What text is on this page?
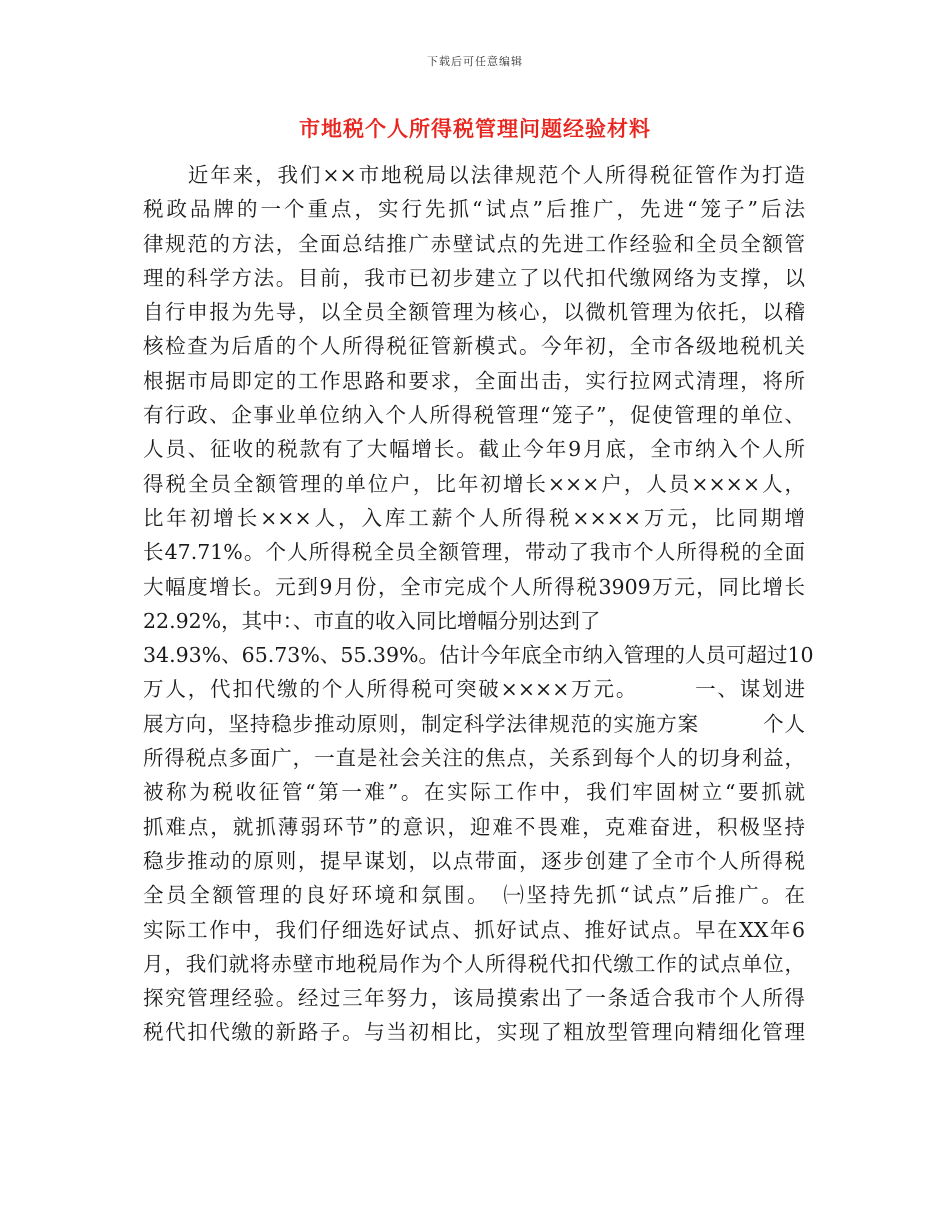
下载后可任意编辑
市地税个人所得税管理问题经验材料
　　近年来，我们××市地税局以法律规范个人所得税征管作为打造
税政品牌的一个重点，实行先抓“试点”后推广，先进“笼子”后法
律规范的方法，全面总结推广赤壁试点的先进工作经验和全员全额管
理的科学方法。目前，我市已初步建立了以代扣代缴网络为支撑，以
自行申报为先导，以全员全额管理为核心，以微机管理为依托，以稽
核检查为后盾的个人所得税征管新模式。今年初，全市各级地税机关
根据市局即定的工作思路和要求，全面出击，实行拉网式清理，将所
有行政、企事业单位纳入个人所得税管理“笼子”，促使管理的单位、
人员、征收的税款有了大幅增长。截止今年9月底，全市纳入个人所
得税全员全额管理的单位户，比年初增长×××户，人员××××人，
比年初增长×××人，入库工薪个人所得税××××万元，比同期增
长47.71%。个人所得税全员全额管理，带动了我市个人所得税的全面
大幅度增长。元到9月份，全市完成个人所得税3909万元，同比增长
22.92%，其中：、市直的收入同比增幅分别达到了
34.93%、65.73%、55.39%。估计今年底全市纳入管理的人员可超过10
万人，代扣代缴的个人所得税可突破××××万元。　　　一、谋划进
展方向，坚持稳步推动原则，制定科学法律规范的实施方案　　　个人
所得税点多面广，一直是社会关注的焦点，关系到每个人的切身利益，
被称为税收征管“第一难”。在实际工作中，我们牢固树立“要抓就
抓难点，就抓薄弱环节”的意识，迎难不畏难，克难奋进，积极坚持
稳步推动的原则，提早谋划，以点带面，逐步创建了全市个人所得税
全员全额管理的良好环境和氛围。　㈠坚持先抓“试点”后推广。在
实际工作中，我们仔细选好试点、抓好试点、推好试点。早在XX年6
月，我们就将赤壁市地税局作为个人所得税代扣代缴工作的试点单位，
探究管理经验。经过三年努力，该局摸索出了一条适合我市个人所得
税代扣代缴的新路子。与当初相比，实现了粗放型管理向精细化管理
